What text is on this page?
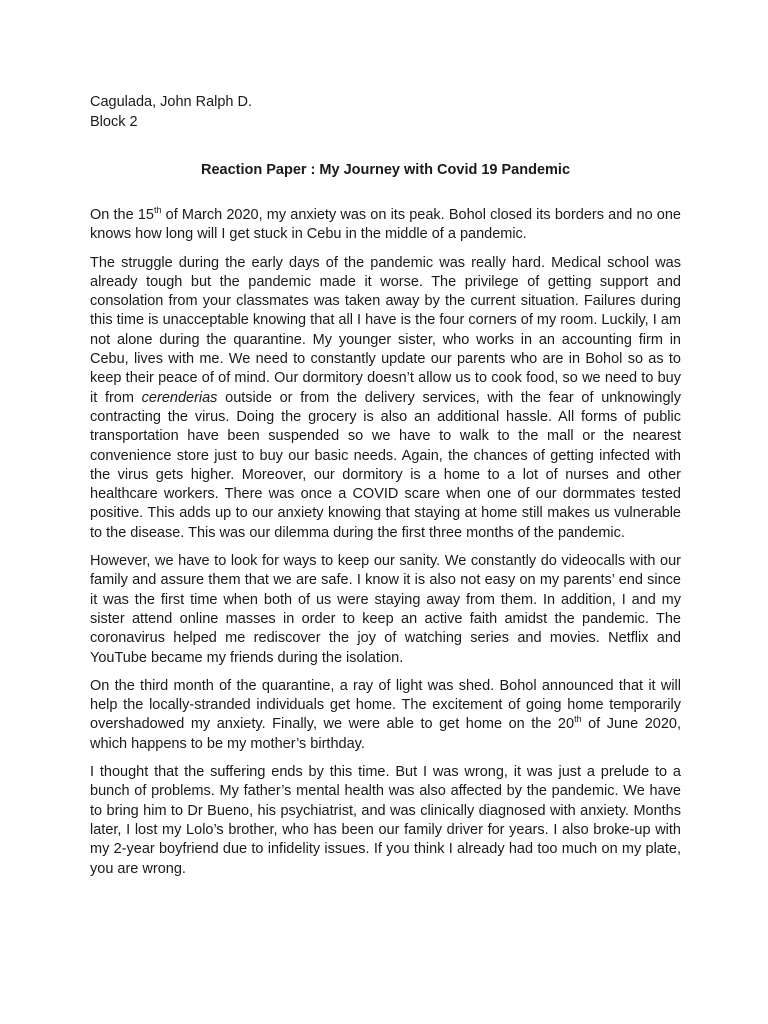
Cagulada, John Ralph D.
Block 2
Reaction Paper : My Journey with Covid 19 Pandemic

On the 15th of March 2020, my anxiety was on its peak. Bohol closed its borders and no one knows how long will I get stuck in Cebu in the middle of a pandemic.

The struggle during the early days of the pandemic was really hard. Medical school was already tough but the pandemic made it worse. The privilege of getting support and consolation from your classmates was taken away by the current situation. Failures during this time is unacceptable knowing that all I have is the four corners of my room. Luckily, I am not alone during the quarantine. My younger sister, who works in an accounting firm in Cebu, lives with me. We need to constantly update our parents who are in Bohol so as to keep their peace of of mind. Our dormitory doesn’t allow us to cook food, so we need to buy it from cerenderias outside or from the delivery services, with the fear of unknowingly contracting the virus. Doing the grocery is also an additional hassle. All forms of public transportation have been suspended so we have to walk to the mall or the nearest convenience store just to buy our basic needs. Again, the chances of getting infected with the virus gets higher. Moreover, our dormitory is a home to a lot of nurses and other healthcare workers. There was once a COVID scare when one of our dormmates tested positive. This adds up to our anxiety knowing that staying at home still makes us vulnerable to the disease. This was our dilemma during the first three months of the pandemic.

However, we have to look for ways to keep our sanity. We constantly do videocalls with our family and assure them that we are safe. I know it is also not easy on my parents’ end since it was the first time when both of us were staying away from them. In addition, I and my sister attend online masses in order to keep an active faith amidst the pandemic. The coronavirus helped me rediscover the joy of watching series and movies. Netflix and YouTube became my friends during the isolation.

On the third month of the quarantine, a ray of light was shed. Bohol announced that it will help the locally-stranded individuals get home. The excitement of going home temporarily overshadowed my anxiety. Finally, we were able to get home on the 20th of June 2020, which happens to be my mother’s birthday.

I thought that the suffering ends by this time. But I was wrong, it was just a prelude to a bunch of problems. My father’s mental health was also affected by the pandemic. We have to bring him to Dr Bueno, his psychiatrist, and was clinically diagnosed with anxiety. Months later, I lost my Lolo’s brother, who has been our family driver for years. I also broke-up with my 2-year boyfriend due to infidelity issues. If you think I already had too much on my plate, you are wrong.
